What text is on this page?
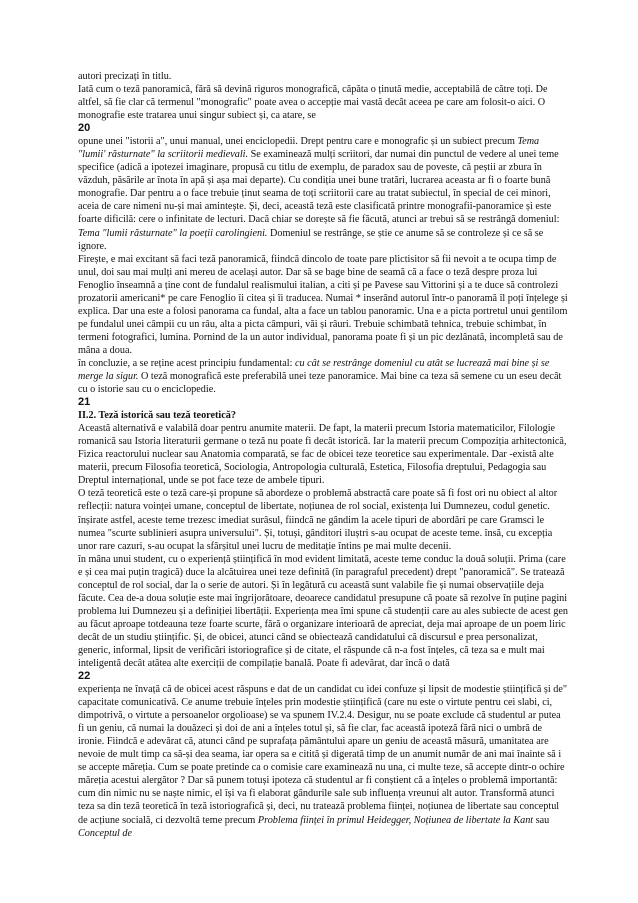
autori precizați în titlu.

Iată cum o teză panoramică, fără să devină riguros monografică, căpăta o ținută medie, acceptabilă de către toți. De altfel, să fie clar că termenul "monografic" poate avea o accepție mai vastă decât aceea pe care am folosit-o aici. O monografie este tratarea unui singur subiect și, ca atare, se

20

opune unei "istorii a", unui manual, unei enciclopedii. Drept pentru care e monografic și un subiect precum Tema "lumii' răsturnate" la scriitorii medievali. Se examinează mulți scriitori, dar numai din punctul de vedere al unei teme specifice (adică a ipotezei imaginare, propusă cu titlu de exemplu, de paradox sau de poveste, că peștii ar zbura în văzduh, păsările ar înota în apă și așa mai departe). Cu condiția unei bune tratări, lucrarea aceasta ar fi o foarte bună monografie. Dar pentru a o face trebuie ținut seama de toți scriitorii care au tratat subiectul, în special de cei minori, aceia de care nimeni nu-și mai amintește. Și, deci, această teză este clasificată printre monografii-panoramice și este foarte dificilă: cere o infinitate de lecturi. Dacă chiar se dorește să fie făcută, atunci ar trebui să se restrângă domeniul: Tema "lumii răsturnate" la poeții carolingieni. Domeniul se restrânge, se știe ce anume să se controleze și ce să se ignore.

Firește, e mai excitant să faci teză panoramică, fiindcă dincolo de toate pare plictisitor să fii nevoit a te ocupa timp de unul, doi sau mai mulți ani mereu de același autor. Dar să se bage bine de seamă că a face o teză despre proza lui Fenoglio înseamnă a ține cont de fundalul realismului italian, a citi și pe Pavese sau Vittorini și a te duce să controlezi prozatorii americani* pe care Fenoglio îi citea și îi traducea. Numai * inserând autorul într-o panoramă îl poți înțelege și explica. Dar una este a folosi panorama ca fundal, alta a face un tablou panoramic. Una e a picta portretul unui gentilom pe fundalul unei câmpii cu un râu, alta a picta câmpuri, văi și râuri. Trebuie schimbată tehnica, trebuie schimbat, în termeni fotografici, lumina. Pornind de la un autor individual, panorama poate fi și un pic dezlânată, incompletă sau de mâna a doua.

în concluzie, a se reține acest principiu fundamental: cu cât se restrânge domeniul cu atât se lucrează mai bine și se merge la sigur. O teză monografică este preferabilă unei teze panoramice. Mai bine ca teza să semene cu un eseu decât cu o istorie sau cu o enciclopedie.

21

II.2. Teză istorică sau teză teoretică?

Această alternativă e valabilă doar pentru anumite materii. De fapt, la materii precum Istoria matematicilor, Filologie romanică sau Istoria literaturii germane o teză nu poate fi decât istorică. Iar la materii precum Compoziția arhitectonică, Fizica reactorului nuclear sau Anatomia comparată, se fac de obicei teze teoretice sau experimentale. Dar -există alte materii, precum Filosofia teoretică, Sociologia, Antropologia culturală, Estetica, Filosofia dreptului, Pedagogia sau Dreptul internațional, unde se pot face teze de ambele tipuri.

O teză teoretică este o teză care-și propune să abordeze o problemă abstractă care poate să fi fost ori nu obiect al altor reflecții: natura voinței umane, conceptul de libertate, noțiunea de rol social, existența lui Dumnezeu, codul genetic. înșirate astfel, aceste teme trezesc imediat surâsul, fiindcă ne gândim la acele tipuri de abordări pe care Gramsci le numea "scurte sublinieri asupra universului". Și, totuși, gânditori iluștri s-au ocupat de aceste teme. însă, cu excepția unor rare cazuri, s-au ocupat la sfârșitul unei lucru de meditație întins pe mai multe decenii.

în mâna unui student, cu o experiență științifică în mod evident limitată, aceste teme conduc la două soluții. Prima (care e și cea mai puțin tragică) duce la alcătuirea unei teze definită (în paragraful precedent) drept "panoramică". Se tratează conceptul de rol social, dar la o serie de autori. Și în legătură cu această sunt valabile fie și numai observațiile deja făcute. Cea de-a doua soluție este mai îngrijorătoare, deoarece candidatul presupune că poate să rezolve în puține pagini problema lui Dumnezeu și a definiției libertății. Experiența mea îmi spune că studenții care au ales subiecte de acest gen au făcut aproape totdeauna teze foarte scurte, fără o organizare interioară de apreciat, deja mai aproape de un poem liric decât de un studiu științific. Și, de obicei, atunci când se obiectează candidatului că discursul e prea personalizat, generic, informal, lipsit de verificări istoriografice și de citate, el răspunde că n-a fost înțeles, că teza sa e mult mai inteligentă decât atâtea alte exerciții de compilație banală. Poate fi adevărat, dar încă o dată

22

experiența ne învață că de obicei acest răspuns e dat de un candidat cu idei confuze și lipsit de modestie științifică și de" capacitate comunicativă. Ce anume trebuie înțeles prin modestie științifică (care nu este o virtute pentru cei slabi, ci, dimpotrivă, o virtute a persoanelor orgolioase) se va spunem IV.2.4. Desigur, nu se poate exclude că studentul ar putea fi un geniu, că numai la douăzeci și doi de ani a înțeles totul și, să fie clar, fac această ipoteză fără nici o umbră de ironie. Fiindcă e adevărat că, atunci când pe suprafața pământului apare un geniu de această măsură, umanitatea are nevoie de mult timp ca să-și dea seama, iar opera sa e citită și digerată timp de un anumit număr de ani mai înainte să i se accepte măreția. Cum se poate pretinde ca o comisie care examinează nu una, ci multe teze, să accepte dintr-o ochire măreția acestui alergător ? Dar să punem totuși ipoteza că studentul ar fi conștient că a înțeles o problemă importantă: cum din nimic nu se naște nimic, el își va fi elaborat gândurile sale sub influența vreunui alt autor. Transformă atunci teza sa din teză teoretică în teză istoriografică și, deci, nu tratează problema ființei, noțiunea de libertate sau conceptul de acțiune socială, ci dezvoltă teme precum Problema ființei în primul Heidegger, Noțiunea de libertate la Kant sau Conceptul de
